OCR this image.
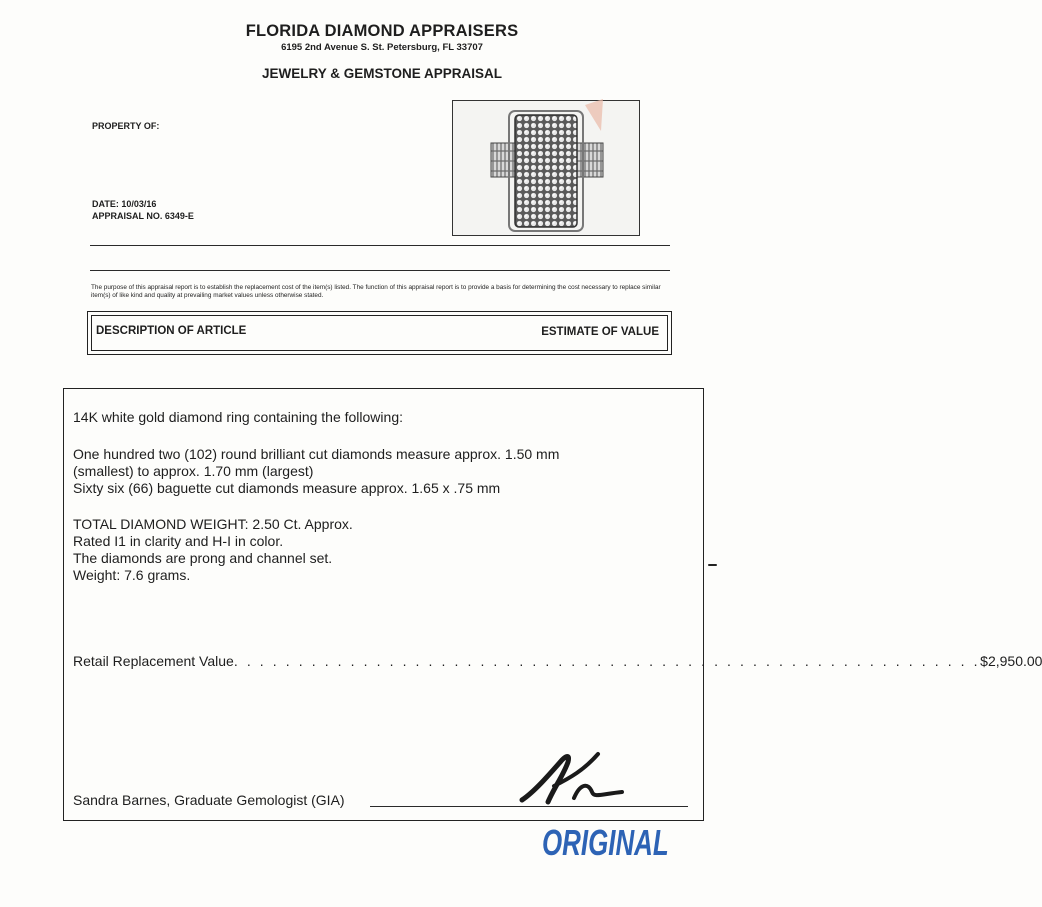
FLORIDA DIAMOND APPRAISERS
6195 2nd Avenue S. St. Petersburg, FL 33707
JEWELRY & GEMSTONE APPRAISAL
PROPERTY OF:
DATE: 10/03/16
APPRAISAL NO. 6349-E
The purpose of this appraisal report is to establish the replacement cost of the item(s) listed. The function of this appraisal report is to provide a basis for determining the cost necessary to replace similar item(s) of like kind and quality at prevailing market values unless otherwise stated.
DESCRIPTION OF ARTICLE	ESTIMATE OF VALUE
14K white gold diamond ring containing the following:
One hundred two (102) round brilliant cut diamonds measure approx. 1.50 mm
(smallest) to approx. 1.70 mm (largest)
Sixty six (66) baguette cut diamonds measure approx. 1.65 x .75 mm
TOTAL DIAMOND WEIGHT: 2.50 Ct. Approx.
Rated I1 in clarity and H-I in color.
The diamonds are prong and channel set.
Weight: 7.6 grams.
Retail Replacement Value . . . . . . . . . . . . . . . . . . . . . . . . . . . . . . . . . . . . . . . . . . . . . . . . . . . . . . . . . . $2,950.00
Sandra Barnes, Graduate Gemologist (GIA)
ORIGINAL
